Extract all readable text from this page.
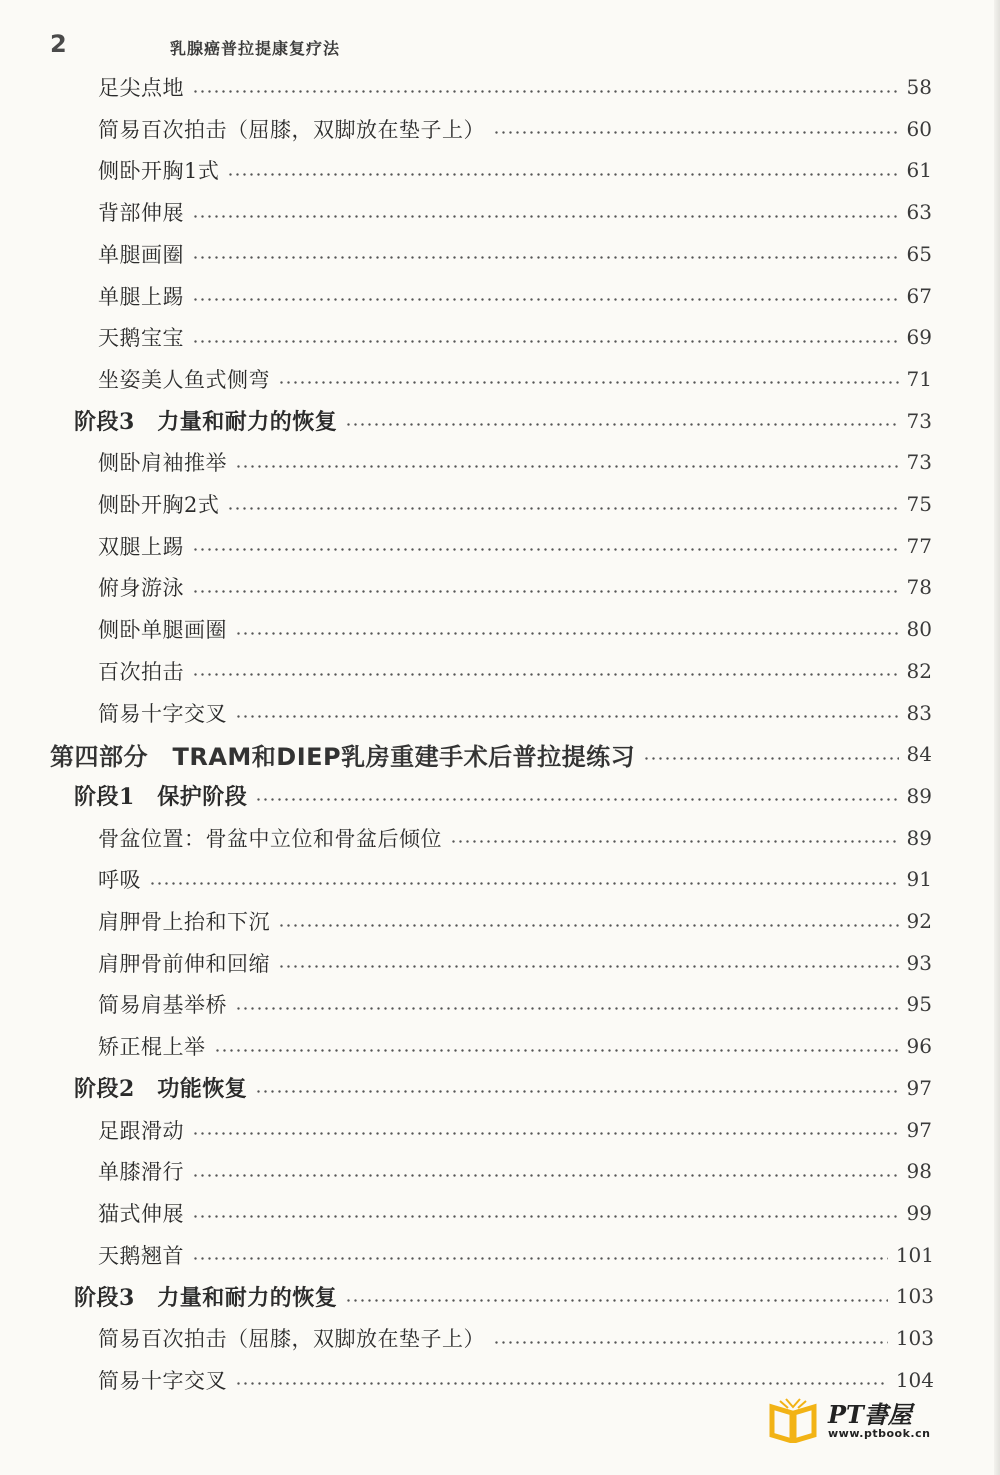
2	乳腺癌普拉提康复疗法
足尖点地	58
简易百次拍击（屈膝，双脚放在垫子上）	60
侧卧开胸1式	61
背部伸展	63
单腿画圈	65
单腿上踢	67
天鹅宝宝	69
坐姿美人鱼式侧弯	71
阶段3　力量和耐力的恢复	73
侧卧肩袖推举	73
侧卧开胸2式	75
双腿上踢	77
俯身游泳	78
侧卧单腿画圈	80
百次拍击	82
简易十字交叉	83
第四部分　TRAM和DIEP乳房重建手术后普拉提练习	84
阶段1　保护阶段	89
骨盆位置：骨盆中立位和骨盆后倾位	89
呼吸	91
肩胛骨上抬和下沉	92
肩胛骨前伸和回缩	93
简易肩基举桥	95
矫正棍上举	96
阶段2　功能恢复	97
足跟滑动	97
单膝滑行	98
猫式伸展	99
天鹅翘首	101
阶段3　力量和耐力的恢复	103
简易百次拍击（屈膝，双脚放在垫子上）	103
简易十字交叉	104
PT書屋
www.ptbook.cn
